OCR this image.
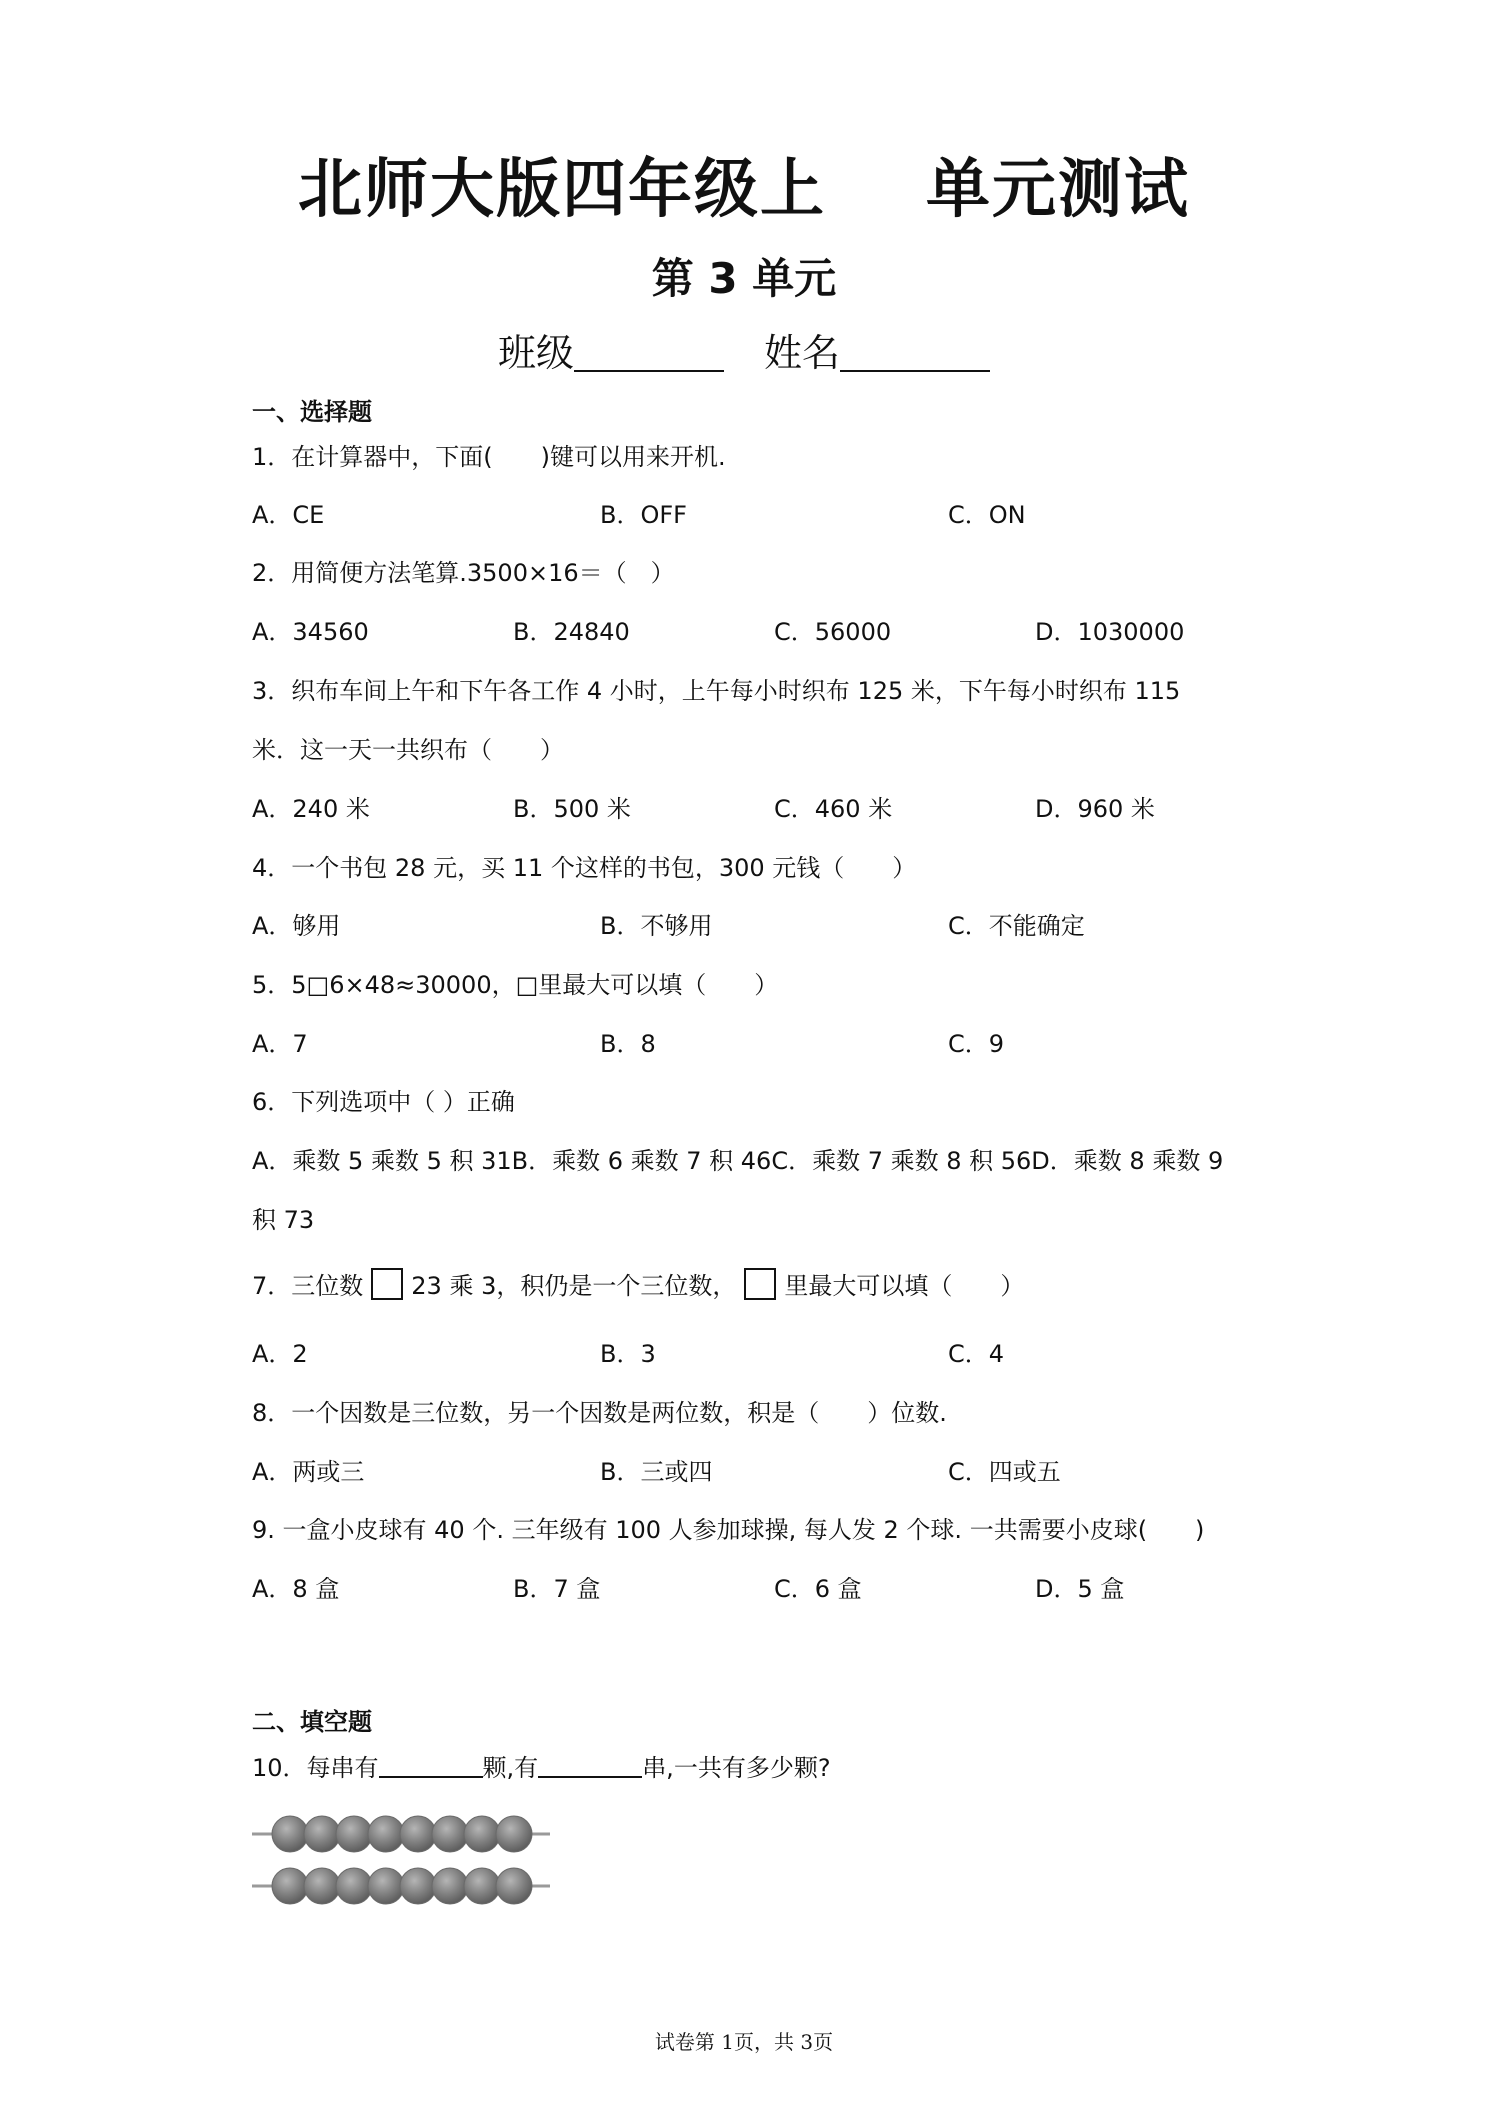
北师大版四年级上 单元测试
第 3 单元
班级	姓名
一、选择题
1．在计算器中，下面(　　)键可以用来开机.
A．CE	B．OFF	C．ON
2．用简便方法笔算.3500×16＝（　）
A．34560	B．24840	C．56000	D．1030000
3．织布车间上午和下午各工作 4 小时，上午每小时织布 125 米，下午每小时织布 115
米．这一天一共织布（　　）
A．240 米	B．500 米	C．460 米	D．960 米
4．一个书包 28 元，买 11 个这样的书包，300 元钱（　　）
A．够用	B．不够用	C．不能确定
5．5□6×48≈30000，□里最大可以填（　　）
A．7	B．8	C．9
6．下列选项中（ ）正确
A．乘数 5 乘数 5 积 31B．乘数 6 乘数 7 积 46C．乘数 7 乘数 8 积 56D．乘数 8 乘数 9
积 73
7．三位数 23 乘 3，积仍是一个三位数， 里最大可以填（　　）
A．2	B．3	C．4
8．一个因数是三位数，另一个因数是两位数，积是（　　）位数.
A．两或三	B．三或四	C．四或五
9. 一盒小皮球有 40 个. 三年级有 100 人参加球操, 每人发 2 个球. 一共需要小皮球(　　)
A．8 盒	B．7 盒	C．6 盒	D．5 盒
二、填空题
10．每串有	颗,有	串,一共有多少颗?
试卷第 1页，共 3页
